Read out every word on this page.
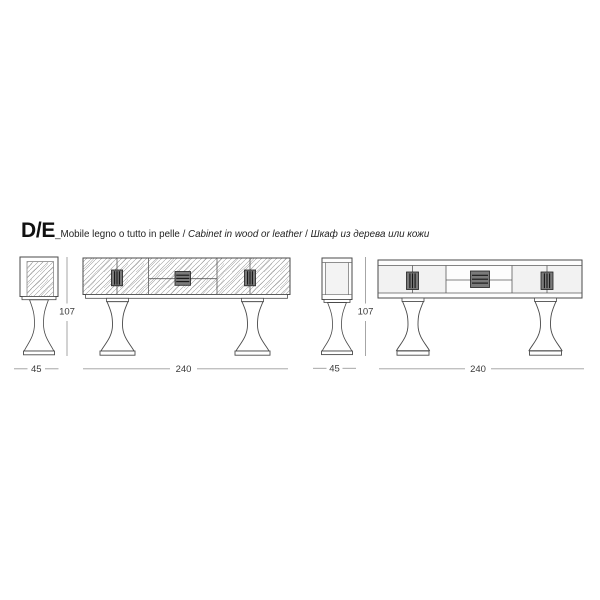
D/E_Mobile legno o tutto in pelle / Cabinet in wood or leather / Шкаф из дерева или кожи

107
45	240
107
45	240
